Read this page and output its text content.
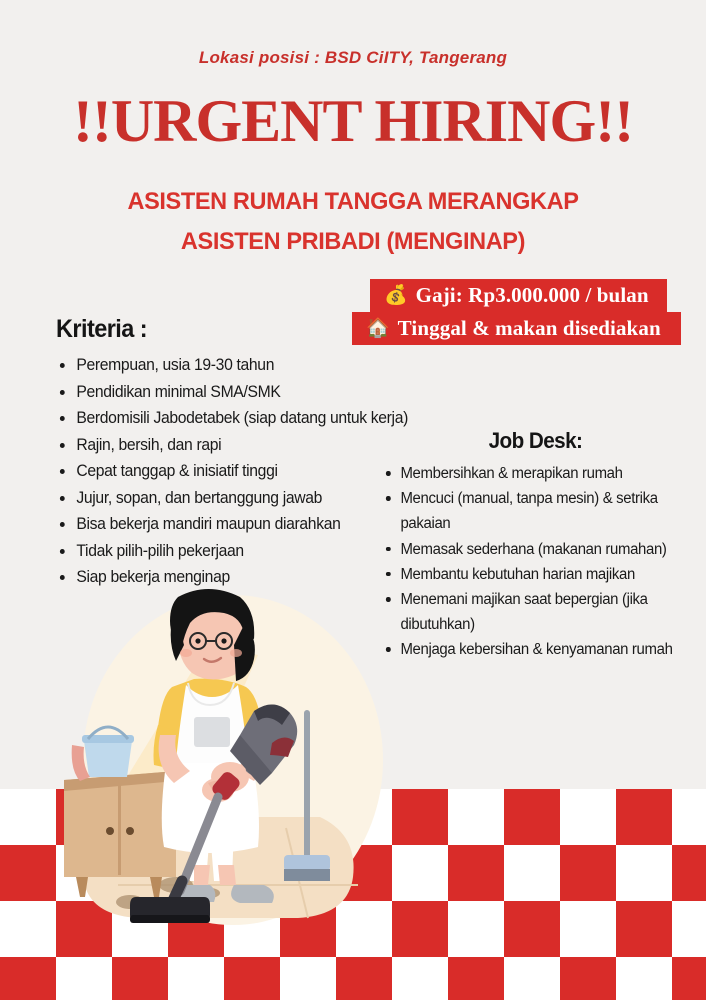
Lokasi posisi : BSD CiITY, Tangerang
!!URGENT HIRING!!
ASISTEN RUMAH TANGGA MERANGKAP
ASISTEN PRIBADI (MENGINAP)
💰 Gaji: Rp3.000.000 / bulan
🏠 Tinggal & makan disediakan
Kriteria :
Perempuan, usia 19-30 tahun
Pendidikan minimal SMA/SMK
Berdomisili Jabodetabek (siap datang untuk kerja)
Rajin, bersih, dan rapi
Cepat tanggap & inisiatif tinggi
Jujur, sopan, dan bertanggung jawab
Bisa bekerja mandiri maupun diarahkan
Tidak pilih-pilih pekerjaan
Siap bekerja menginap
Job Desk:
Membersihkan & merapikan rumah
Mencuci (manual, tanpa mesin) & setrika pakaian
Memasak sederhana (makanan rumahan)
Membantu kebutuhan harian majikan
Menemani majikan saat bepergian (jika dibutuhkan)
Menjaga kebersihan & kenyamanan rumah
